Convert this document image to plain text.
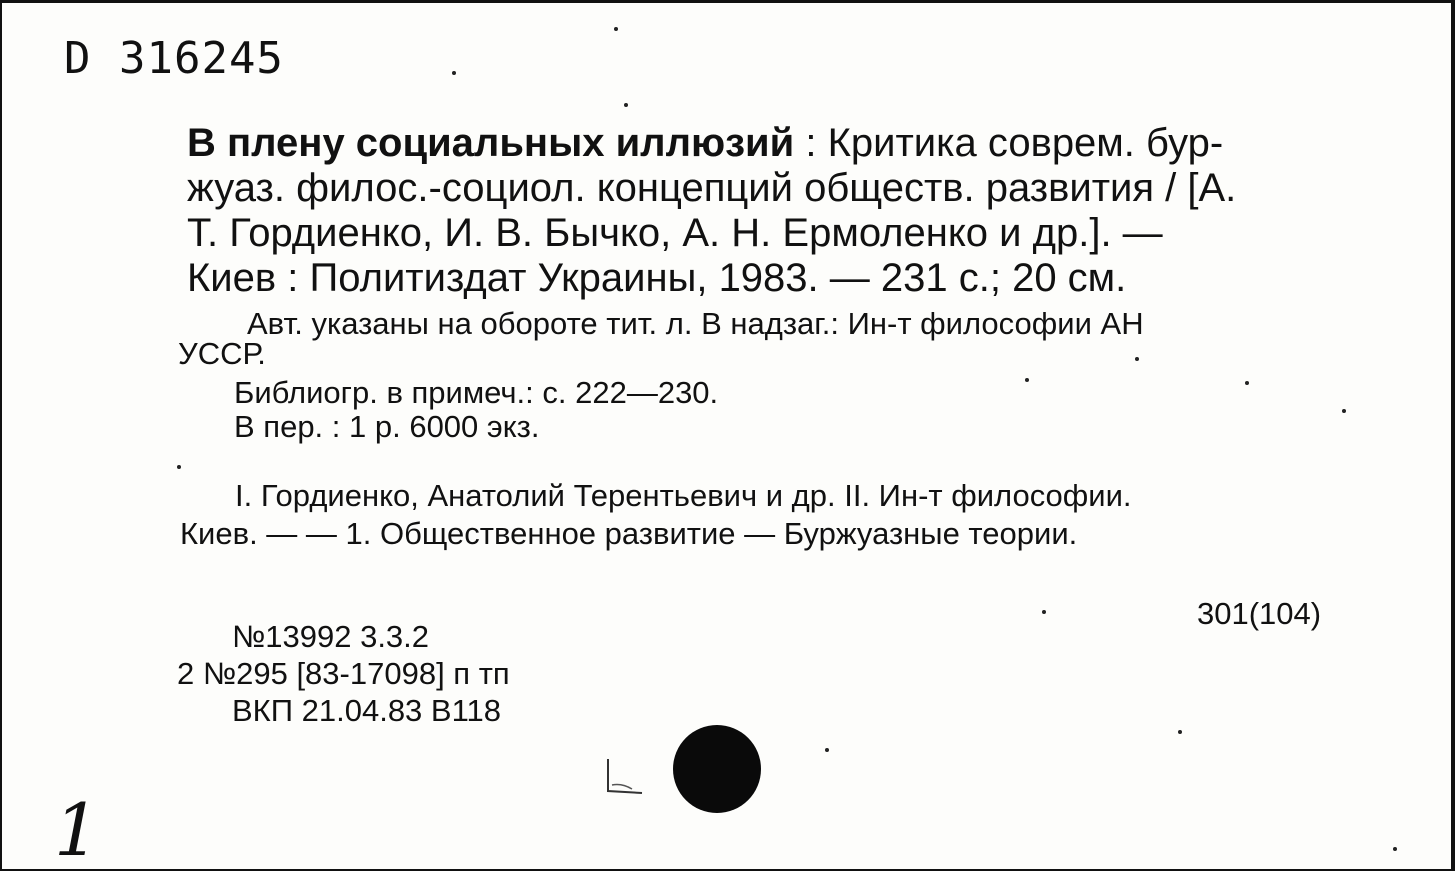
D 316245
В плену социальных иллюзий : Критика соврем. бур-
жуаз. филос.-социол. концепций обществ. развития / [А.
Т. Гордиенко, И. В. Бычко, А. Н. Ермоленко и др.]. —
Киев : Политиздат Украины, 1983. — 231 с.; 20 см.
Авт. указаны на обороте тит. л. В надзаг.: Ин-т философии АН
УССР.
Библиогр. в примеч.: с. 222—230.
В пер. : 1 р. 6000 экз.
I. Гордиенко, Анатолий Терентьевич и др. II. Ин-т философии.
Киев. — — 1. Общественное развитие — Буржуазные теории.
301(104)
№13992 3.3.2
2 №295 [83-17098] п тп
ВКП 21.04.83 В118
1
